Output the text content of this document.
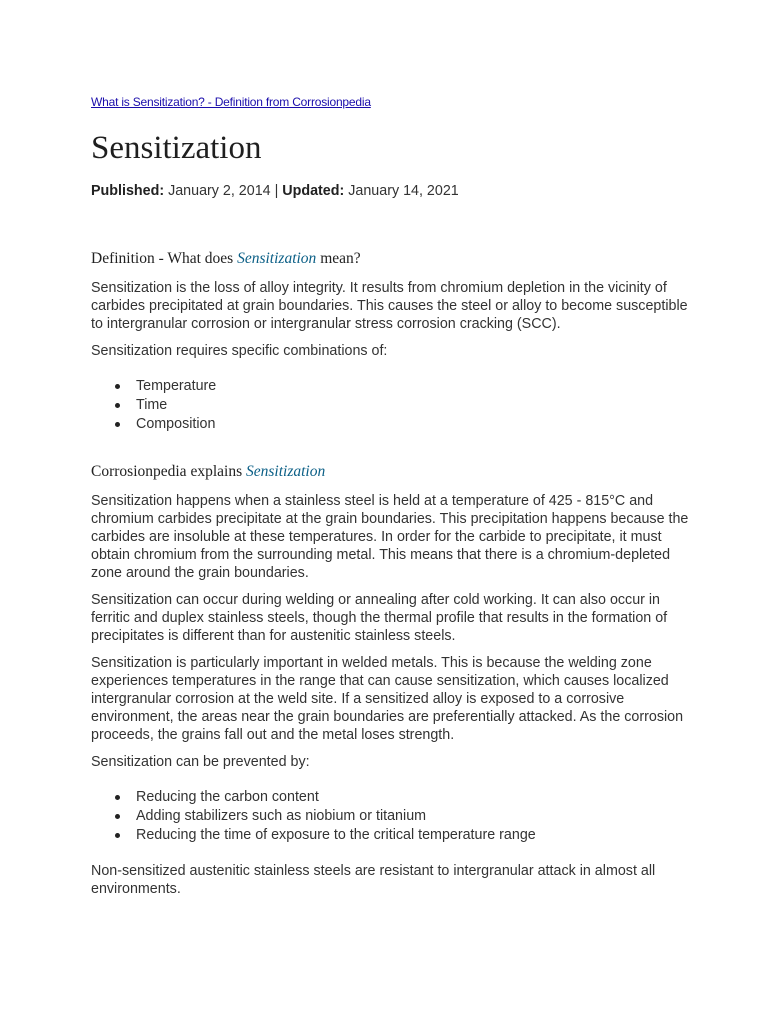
What is Sensitization? - Definition from Corrosionpedia
Sensitization
Published: January 2, 2014 | Updated: January 14, 2021
Definition - What does Sensitization mean?

Sensitization is the loss of alloy integrity. It results from chromium depletion in the vicinity of carbides precipitated at grain boundaries. This causes the steel or alloy to become susceptible to intergranular corrosion or intergranular stress corrosion cracking (SCC).

Sensitization requires specific combinations of:

Temperature
Time
Composition
Corrosionpedia explains Sensitization

Sensitization happens when a stainless steel is held at a temperature of 425 - 815°C and chromium carbides precipitate at the grain boundaries. This precipitation happens because the carbides are insoluble at these temperatures. In order for the carbide to precipitate, it must obtain chromium from the surrounding metal. This means that there is a chromium-depleted zone around the grain boundaries.

Sensitization can occur during welding or annealing after cold working. It can also occur in ferritic and duplex stainless steels, though the thermal profile that results in the formation of precipitates is different than for austenitic stainless steels.

Sensitization is particularly important in welded metals. This is because the welding zone experiences temperatures in the range that can cause sensitization, which causes localized intergranular corrosion at the weld site. If a sensitized alloy is exposed to a corrosive environment, the areas near the grain boundaries are preferentially attacked. As the corrosion proceeds, the grains fall out and the metal loses strength.

Sensitization can be prevented by:

Reducing the carbon content
Adding stabilizers such as niobium or titanium
Reducing the time of exposure to the critical temperature range

Non-sensitized austenitic stainless steels are resistant to intergranular attack in almost all environments.
